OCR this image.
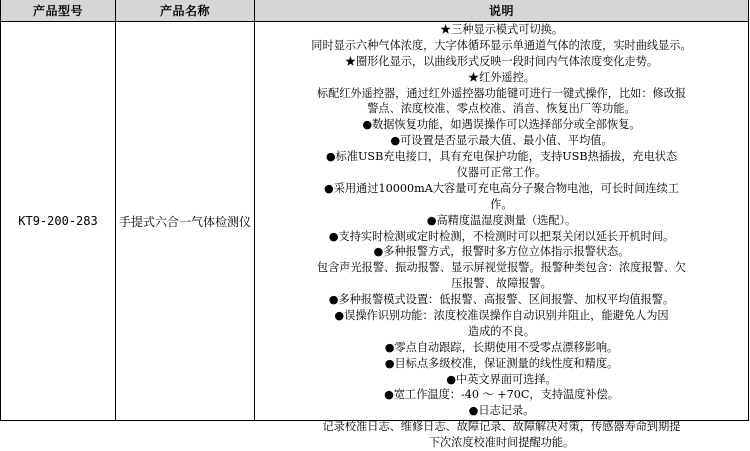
产品型号	产品名称	说明
KT9-200-283 手提式六合一气体检测仪
★三种显示模式可切换。
同时显示六种气体浓度，大字体循环显示单通道气体的浓度，实时曲线显示。
★圈形化显示，以曲线形式反映一段时间内气体浓度变化走势。
★红外遥控。
标配红外遥控器，通过红外遥控器功能键可进行一键式操作，比如：修改报
警点、浓度校准、零点校准、消音、恢复出厂等功能。
●数据恢复功能，如遇误操作可以选择部分或全部恢复。
●可设置是否显示最大值、最小值、平均值。
●标准USB充电接口，具有充电保护功能，支持USB热插拔，充电状态
仪器可正常工作。
●采用通过10000mA大容量可充电高分子聚合物电池，可长时间连续工
作。
●高精度温湿度测量（选配）。
●支持实时检测或定时检测，不检测时可以把泵关闭以延长开机时间。
●多种报警方式，报警时多方位立体指示报警状态。
包含声光报警、振动报警、显示屏视觉报警。报警种类包含：浓度报警、欠
压报警、故障报警。
●多种报警模式设置：低报警、高报警、区间报警、加权平均值报警。
●误操作识别功能：浓度校准误操作自动识别并阻止，能避免人为因
造成的不良。
●零点自动跟踪，长期使用不受零点漂移影响。
●目标点多级校准，保证测量的线性度和精度。
●中英文界面可选择。
●宽工作温度：-40 ～ +70C，支持温度补偿。
●日志记录。
记录校准日志、维修日志、故障记录、故障解决对策，传感器寿命到期提
下次浓度校准时间提醒功能。
